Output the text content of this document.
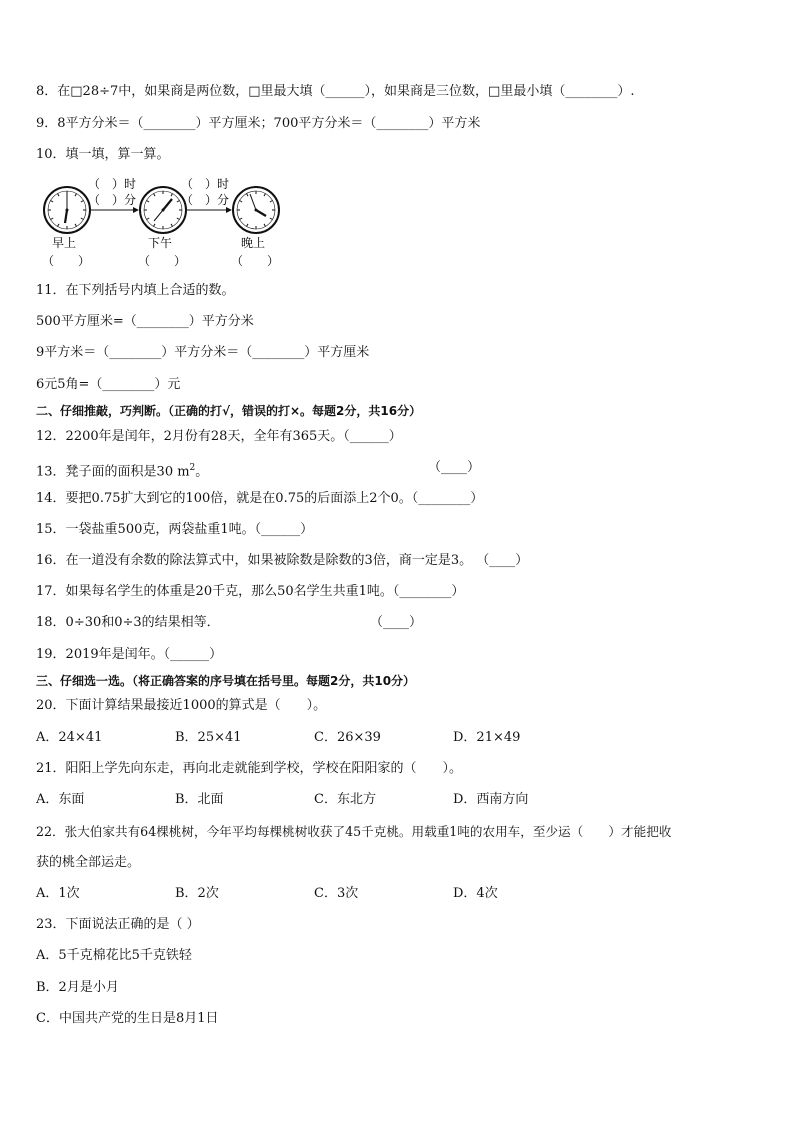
8．在□28÷7中，如果商是两位数，□里最大填（______），如果商是三位数，□里最小填（________）.
9．8平方分米＝（________）平方厘米；700平方分米＝（________）平方米
10．填一填，算一算。
（　）时
（　）分
（　）时
（　）分
早上	下午	晚上
（　　）	（　　）	（　　）
11．在下列括号内填上合适的数。
500平方厘米=（________）平方分米
9平方米＝（________）平方分米＝（________）平方厘米
6元5角=（________）元
二、仔细推敲，巧判断。（正确的打√，错误的打×。每题2分，共16分）
12．2200年是闰年，2月份有28天，全年有365天。（______）
13．凳子面的面积是30 $m^2$。	（____）
14．要把0.75扩大到它的100倍，就是在0.75的后面添上2个0。（________）
15．一袋盐重500克，两袋盐重1吨。（______）
16．在一道没有余数的除法算式中，如果被除数是除数的3倍，商一定是3。 （____）
17．如果每名学生的体重是20千克，那么50名学生共重1吨。（________）
18．0÷30和0÷3的结果相等．	（____）
19．2019年是闰年。（______）
三、仔细选一选。（将正确答案的序号填在括号里。每题2分，共10分）
20．下面计算结果最接近1000的算式是（　　）。
A．24×41	B．25×41	C．26×39	D．21×49
21．阳阳上学先向东走，再向北走就能到学校，学校在阳阳家的（　　）。
A．东面	B．北面	C．东北方	D．西南方向
22．张大伯家共有64棵桃树，今年平均每棵桃树收获了45千克桃。用载重1吨的农用车，至少运（　　）才能把收
获的桃全部运走。
A．1次	B．2次	C．3次	D．4次
23．下面说法正确的是（ ）
A．5千克棉花比5千克铁轻
B．2月是小月
C．中国共产党的生日是8月1日
